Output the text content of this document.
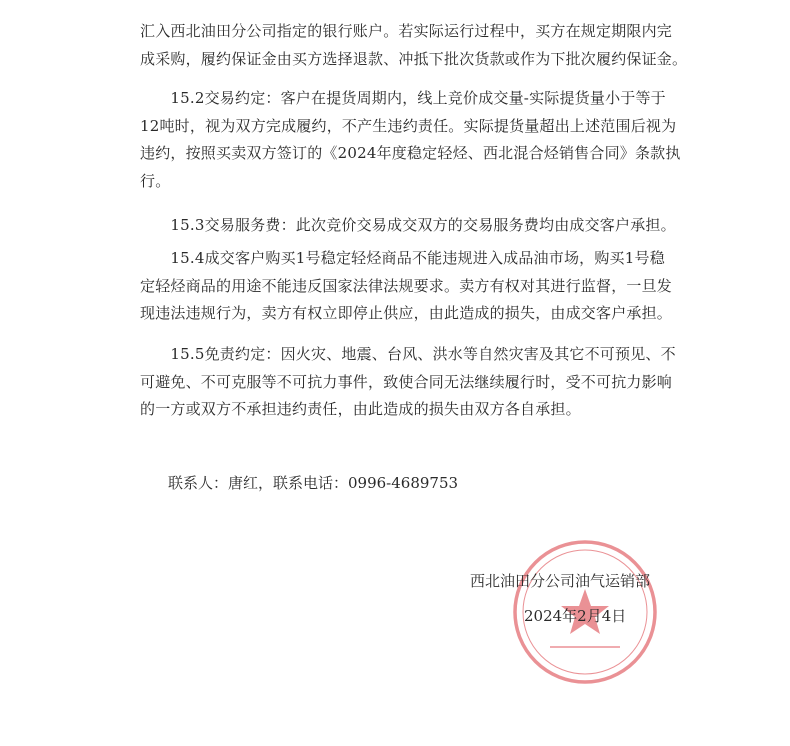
汇入西北油田分公司指定的银行账户。若实际运行过程中，买方在规定期限内完
成采购，履约保证金由买方选择退款、冲抵下批次货款或作为下批次履约保证金。
　　15.2交易约定：客户在提货周期内，线上竞价成交量-实际提货量小于等于
12吨时，视为双方完成履约，不产生违约责任。实际提货量超出上述范围后视为
违约，按照买卖双方签订的《2024年度稳定轻烃、西北混合烃销售合同》条款执
行。
　　15.3交易服务费：此次竞价交易成交双方的交易服务费均由成交客户承担。
　　15.4成交客户购买1号稳定轻烃商品不能违规进入成品油市场，购买1号稳
定轻烃商品的用途不能违反国家法律法规要求。卖方有权对其进行监督，一旦发
现违法违规行为，卖方有权立即停止供应，由此造成的损失，由成交客户承担。
　　15.5免责约定：因火灾、地震、台风、洪水等自然灾害及其它不可预见、不
可避免、不可克服等不可抗力事件，致使合同无法继续履行时，受不可抗力影响
的一方或双方不承担违约责任，由此造成的损失由双方各自承担。
联系人：唐红，联系电话：0996-4689753
西北油田分公司油气运销部
2024年2月4日
